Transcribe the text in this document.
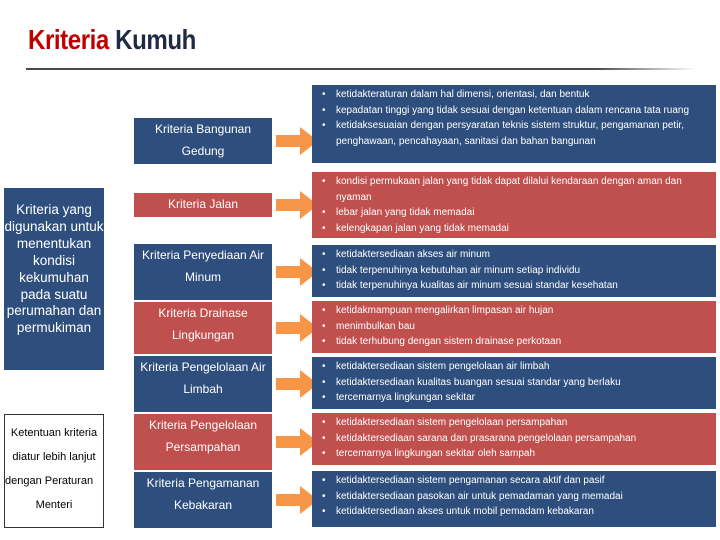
Kriteria Kumuh
Kriteria yang digunakan untuk menentukan kondisi kekumuhan pada suatu perumahan dan permukiman
Ketentuan kriteria
diatur lebih lanjut
dengan Peraturan
Menteri
Kriteria Bangunan
Gedung
• ketidakteraturan dalam hal dimensi, orientasi, dan bentuk
• kepadatan tinggi yang tidak sesuai dengan ketentuan dalam rencana tata ruang
• ketidaksesuaian dengan persyaratan teknis sistem struktur, pengamanan petir, penghawaan, pencahayaan, sanitasi dan bahan bangunan
Kriteria Jalan
• kondisi permukaan jalan yang tidak dapat dilalui kendaraan dengan aman dan nyaman
• lebar jalan yang tidak memadai
• kelengkapan jalan yang tidak memadai
Kriteria Penyediaan Air
Minum
• ketidaktersediaan akses air minum
• tidak terpenuhinya kebutuhan air minum setiap individu
• tidak terpenuhinya kualitas air minum sesuai standar kesehatan
Kriteria Drainase
Lingkungan
• ketidakmampuan mengalirkan limpasan air hujan
• menimbulkan bau
• tidak terhubung dengan sistem drainase perkotaan
Kriteria Pengelolaan Air
Limbah
• ketidaktersediaan sistem pengelolaan air limbah
• ketidaktersediaan kualitas buangan sesuai standar yang berlaku
• tercemarnya lingkungan sekitar
Kriteria Pengelolaan
Persampahan
• ketidaktersediaan sistem pengelolaan persampahan
• ketidaktersediaan sarana dan prasarana pengelolaan persampahan
• tercemarnya lingkungan sekitar oleh sampah
Kriteria Pengamanan
Kebakaran
• ketidaktersediaan sistem pengamanan secara aktif dan pasif
• ketidaktersediaan pasokan air untuk pemadaman yang memadai
• ketidaktersediaan akses untuk mobil pemadam kebakaran
